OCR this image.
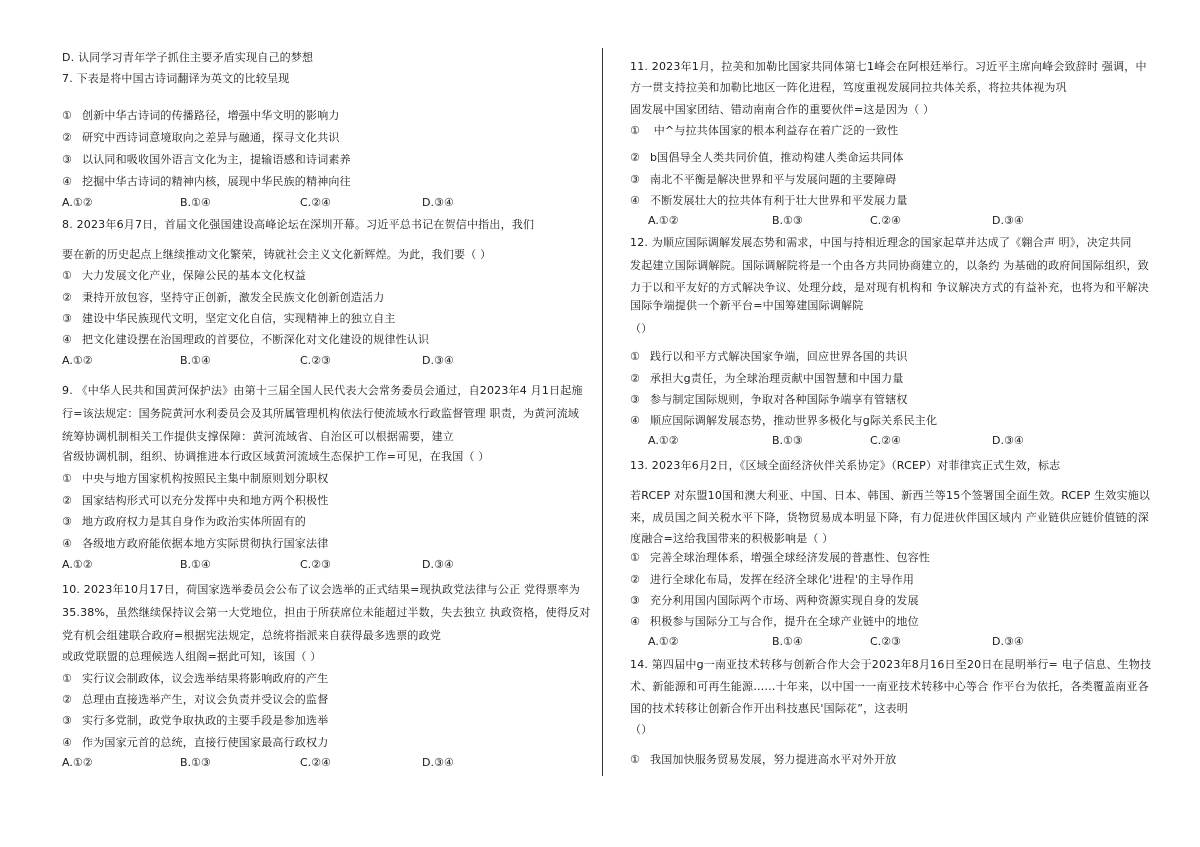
D. 认同学习青年学子抓住主要矛盾实现自己的梦想
7. 下表是将中国古诗词翻译为英文的比较呈现
① 创新中华古诗词的传播路径，增强中华文明的影响力
② 研究中西诗词意境取向之差异与融通，探寻文化共识
③ 以认同和吸收国外语言文化为主，提输语感和诗词素养
④ 挖掘中华古诗词的精神内核，展现中华民族的精神向往
A.①②	B.①④	C.②④	D.③④
8. 2023年6月7日，首届文化强国建设高峰论坛在深圳开幕。习近平总书记在贺信中指出，我们
要在新的历史起点上继续推动文化繁荣，铸就社会主义文化新辉煌。为此，我们要（ ）
① 大力发展文化产业，保障公民的基本文化权益
② 秉持开放包容，坚持守正创新，激发全民族文化创新创造活力
③ 建设中华民族现代文明，坚定文化自信，实现精神上的独立自主
④ 把文化建设摆在治国理政的首要位，不断深化对文化建设的规律性认识
A.①②	B.①④	C.②③	D.③④
9. 《中华人民共和国黄河保护法》由第十三届全国人民代表大会常务委员会通过，自2023年4 月1日起施
行=该法规定：国务院黄河水利委员会及其所属管理机构依法行使流域水行政监督管理 职责，为黄河流域
统筹协调机制相关工作提供支撑保障：黄河流域省、自治区可以根据需要，建立
省级协调机制，组织、协调推进本行政区域黄河流域生态保护工作=可见，在我国（ ）
① 中央与地方国家机构按照民主集中制原则划分职权
② 国家结构形式可以充分发挥中央和地方两个积极性
③ 地方政府权力是其自身作为政治实体所固有的
④ 各级地方政府能依据本地方实际贯彻执行国家法律
A.①②	B.①④	C.②③	D.③④
10. 2023年10月17日，荷国家选举委员会公布了议会选举的正式结果=现执政党法律与公正 党得票率为
35.38%，虽然继续保持议会第一大党地位，担由于所获席位未能超过半数，失去独立 执政资格，使得反对
党有机会组建联合政府=根据宪法规定，总统将指派来自获得最多选票的政党
或政党联盟的总理候选人组阁=据此可知，该国（ ）
① 实行议会制政体，议会选举结果将影响政府的产生
② 总理由直接选举产生，对议会负责并受议会的监督
③ 实行多党制，政党争取执政的主要手段是参加选举
④ 作为国家元首的总统，直接行使国家最高行政权力
A.①②	B.①③	C.②④	D.③④
11. 2023年1月，拉美和加勒比国家共同体第七1峰会在阿根廷举行。习近平主席向峰会致辞时 强调，中
方一贯支持拉美和加勒比地区一阵化进程，笃度重视发展同拉共体关系，将拉共体视为巩
固发展中国家团结、错动南南合作的重要伙伴=这是因为（ ）
① 中^与拉共体国家的根本利益存在着广泛的一致性
② b国倡导全人类共同价值，推动构建人类命运共同体
③ 南北不平衡是解决世界和平与发展问题的主要障碍
④ 不断发展壮大的拉共体有利于壮大世界和平发展力量
A.①②	B.①③	C.②④	D.③④
12. 为顺应国际调解发展态势和需求，中国与持相近理念的国家起草并达成了《翱合声 明》，决定共同
发起建立国际调解院。国际调解院将是一个由各方共同协商建立的，以条约 为基础的政府间国际组织，致
力于以和平友好的方式解决争议、处理分歧，是对现有机构和 争议解决方式的有益补充，也将为和平解决
国际争端提供一个新平台=中国筹建国际调解院
（）
① 践行以和平方式解决国家争端，回应世界各国的共识
② 承担大g责任，为全球治理贡献中国智慧和中国力量
③ 参与制定国际规则，争取对各种国际争端享有管辖权
④ 顺应国际调解发展态势，推动世界多极化与g际关系民主化
A.①②	B.①③	C.②④	D.③④
13. 2023年6月2日，《区域全面经济伙伴关系协定》（RCEP）对菲律宾正式生效，标志
若RCEP 对东盟10国和澳大利亚、中国、日本、韩国、新西兰等15个签署国全面生效。RCEP 生效实施以
来，成员国之间关税水平下降，货物贸易成本明显下降，有力促进伙伴国区域内 产业链供应链价值链的深
度融合=这给我国带来的积极影响是（ ）
① 完善全球治理体系，增强全球经济发展的普惠性、包容性
② 进行全球化布局，发挥在经济全球化'进程'的主导作用
③ 充分利用国内国际两个市场、两种资源实现自身的发展
④ 积极参与国际分工与合作，提升在全球产业链中的地位
A.①②	B.①④	C.②③	D.③④
14. 第四届中g一南亚技术转移与创新合作大会于2023年8月16日至20日在昆明举行= 电子信息、生物技
术、新能源和可再生能源……十年来，以中国一一南亚技术转移中心等合 作平台为依托，各类覆盖南亚各
国的技术转移让创新合作开出科技惠民'国际花”，这表明
（）
① 我国加快服务贸易发展，努力提进高水平对外开放
